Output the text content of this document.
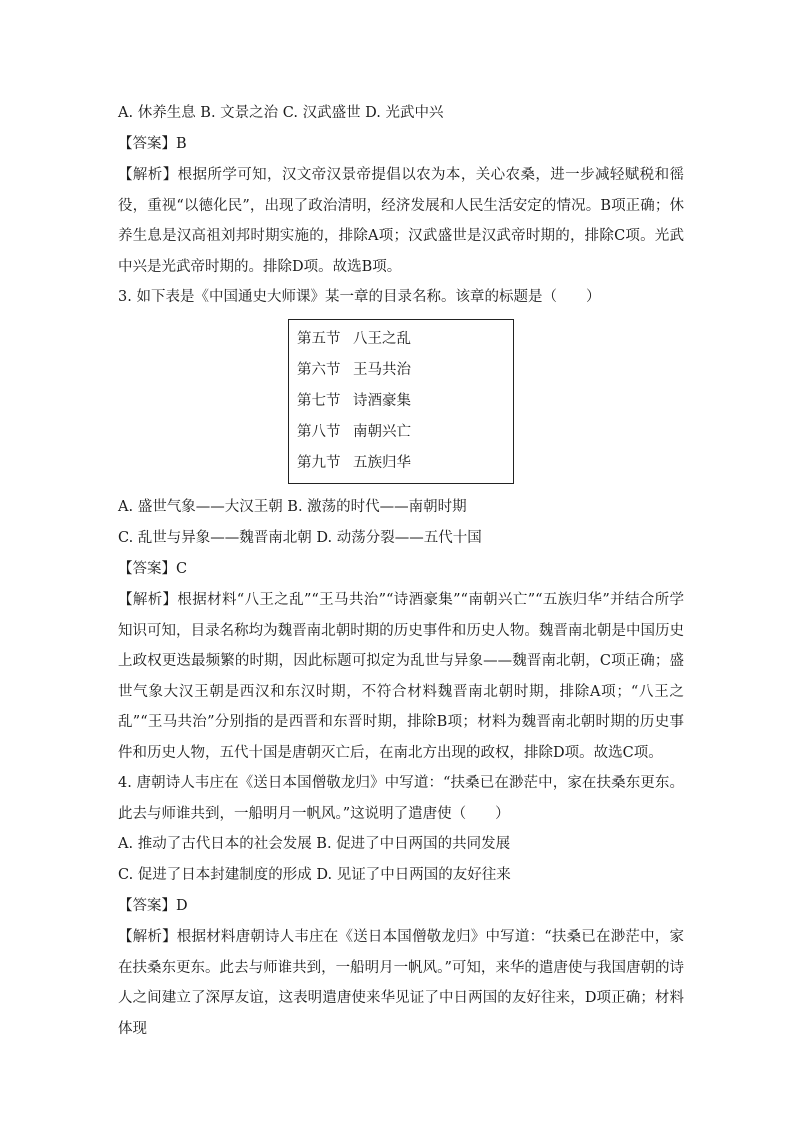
A. 休养生息 B. 文景之治 C. 汉武盛世 D. 光武中兴
【答案】B
【解析】根据所学可知，汉文帝汉景帝提倡以农为本，关心农桑，进一步减轻赋税和徭役，重视“以德化民”，出现了政治清明，经济发展和人民生活安定的情况。B项正确；休养生息是汉高祖刘邦时期实施的，排除A项；汉武盛世是汉武帝时期的，排除C项。光武中兴是光武帝时期的。排除D项。故选B项。
3. 如下表是《中国通史大师课》某一章的目录名称。该章的标题是（　　）
第五节 八王之乱
第六节 王马共治
第七节 诗酒豪集
第八节 南朝兴亡
第九节 五族归华
A. 盛世气象——大汉王朝 B. 激荡的时代——南朝时期
C. 乱世与异象——魏晋南北朝 D. 动荡分裂——五代十国
【答案】C
【解析】根据材料“八王之乱”“王马共治”“诗酒豪集”“南朝兴亡”“五族归华”并结合所学知识可知，目录名称均为魏晋南北朝时期的历史事件和历史人物。魏晋南北朝是中国历史上政权更迭最频繁的时期，因此标题可拟定为乱世与异象——魏晋南北朝，C项正确；盛世气象大汉王朝是西汉和东汉时期，不符合材料魏晋南北朝时期，排除A项；“八王之乱”“王马共治”分别指的是西晋和东晋时期，排除B项；材料为魏晋南北朝时期的历史事件和历史人物，五代十国是唐朝灭亡后，在南北方出现的政权，排除D项。故选C项。
4. 唐朝诗人韦庄在《送日本国僧敬龙归》中写道：“扶桑已在渺茫中，家在扶桑东更东。此去与师谁共到，一船明月一帆风。”这说明了遣唐使（　　）
A. 推动了古代日本的社会发展 B. 促进了中日两国的共同发展
C. 促进了日本封建制度的形成 D. 见证了中日两国的友好往来
【答案】D
【解析】根据材料唐朝诗人韦庄在《送日本国僧敬龙归》中写道：“扶桑已在渺茫中，家在扶桑东更东。此去与师谁共到，一船明月一帆风。”可知，来华的遣唐使与我国唐朝的诗人之间建立了深厚友谊，这表明遣唐使来华见证了中日两国的友好往来，D项正确；材料体现
